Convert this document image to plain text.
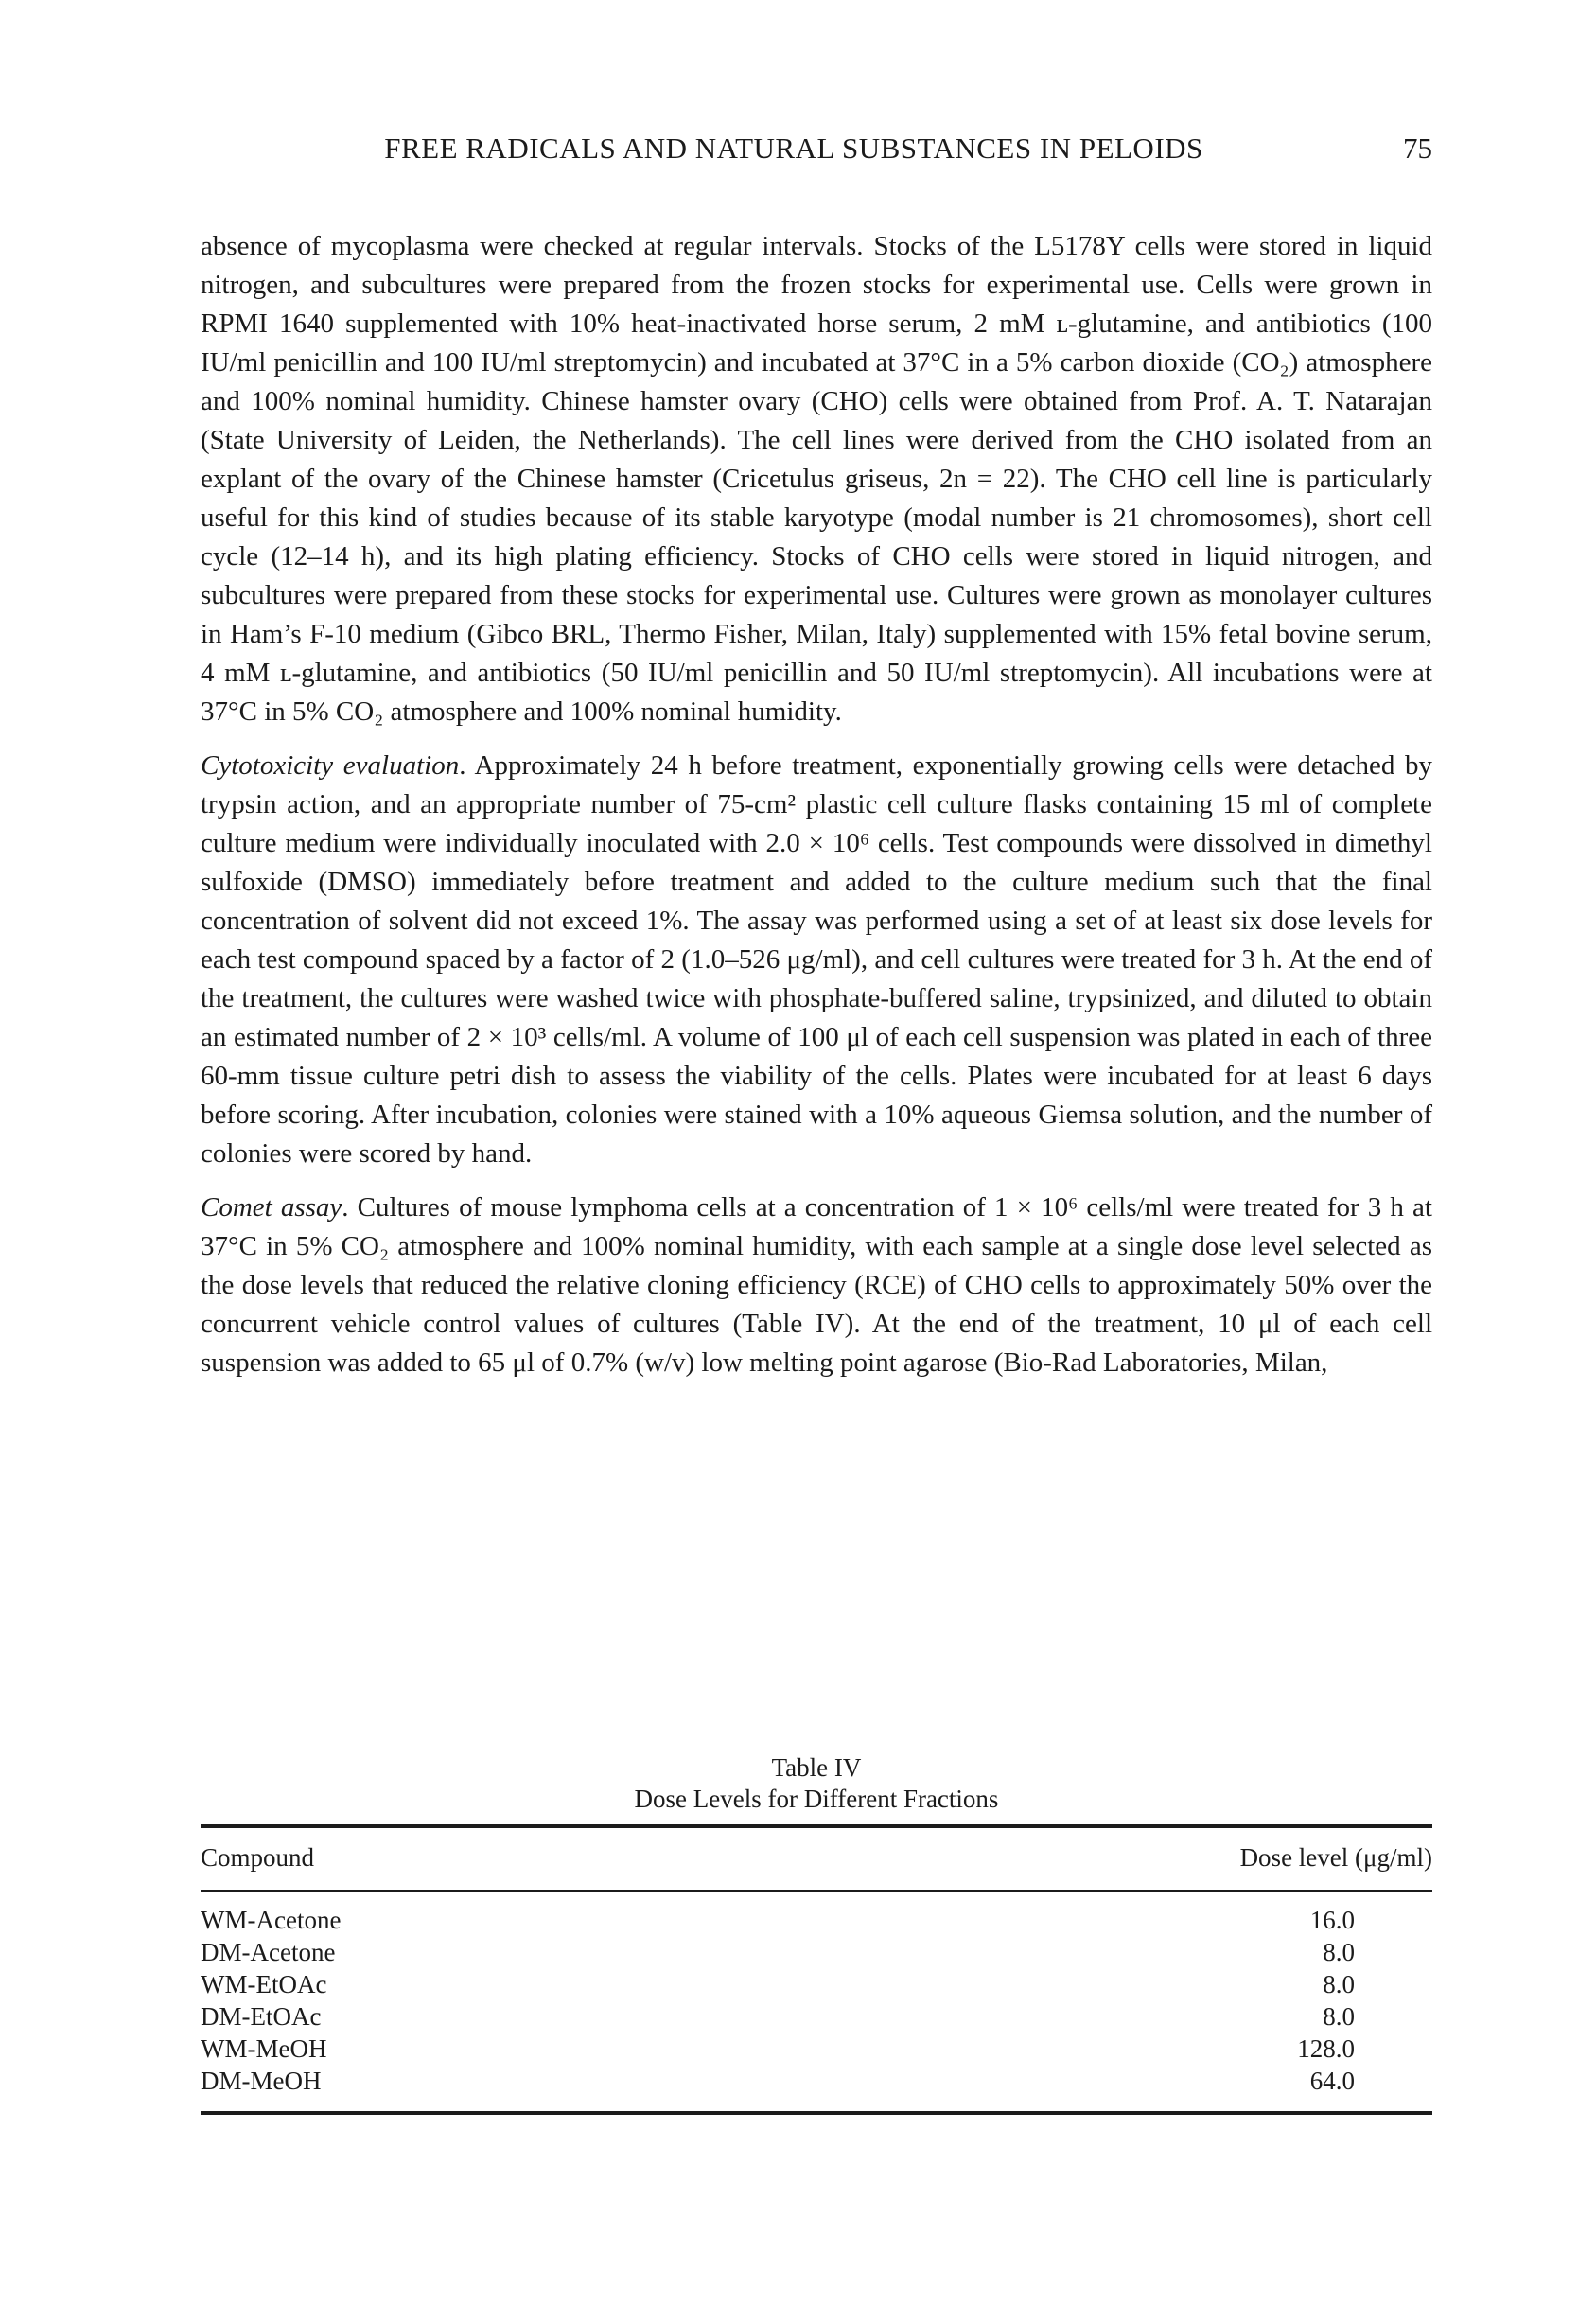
FREE RADICALS AND NATURAL SUBSTANCES IN PELOIDS	75

absence of mycoplasma were checked at regular intervals. Stocks of the L5178Y cells were stored in liquid nitrogen, and subcultures were prepared from the frozen stocks for experimental use. Cells were grown in RPMI 1640 supplemented with 10% heat-inactivated horse serum, 2 mM ʟ-glutamine, and antibiotics (100 IU/ml penicillin and 100 IU/ml streptomycin) and incubated at 37°C in a 5% carbon dioxide (CO₂) atmosphere and 100% nominal humidity. Chinese hamster ovary (CHO) cells were obtained from Prof. A. T. Natarajan (State University of Leiden, the Netherlands). The cell lines were derived from the CHO isolated from an explant of the ovary of the Chinese hamster (Cricetulus griseus, 2n = 22). The CHO cell line is particularly useful for this kind of studies because of its stable karyotype (modal number is 21 chromosomes), short cell cycle (12–14 h), and its high plating efficiency. Stocks of CHO cells were stored in liquid nitrogen, and subcultures were prepared from these stocks for experimental use. Cultures were grown as monolayer cultures in Ham’s F-10 medium (Gibco BRL, Thermo Fisher, Milan, Italy) supplemented with 15% fetal bovine serum, 4 mM ʟ-glutamine, and antibiotics (50 IU/ml penicillin and 50 IU/ml streptomycin). All incubations were at 37°C in 5% CO₂ atmosphere and 100% nominal humidity.

Cytotoxicity evaluation. Approximately 24 h before treatment, exponentially growing cells were detached by trypsin action, and an appropriate number of 75-cm² plastic cell culture flasks containing 15 ml of complete culture medium were individually inoculated with 2.0 × 10⁶ cells. Test compounds were dissolved in dimethyl sulfoxide (DMSO) immediately before treatment and added to the culture medium such that the final concentration of solvent did not exceed 1%. The assay was performed using a set of at least six dose levels for each test compound spaced by a factor of 2 (1.0–526 μg/ml), and cell cultures were treated for 3 h. At the end of the treatment, the cultures were washed twice with phosphate-buffered saline, trypsinized, and diluted to obtain an estimated number of 2 × 10³ cells/ml. A volume of 100 μl of each cell suspension was plated in each of three 60-mm tissue culture petri dish to assess the viability of the cells. Plates were incubated for at least 6 days before scoring. After incubation, colonies were stained with a 10% aqueous Giemsa solution, and the number of colonies were scored by hand.

Comet assay. Cultures of mouse lymphoma cells at a concentration of 1 × 10⁶ cells/ml were treated for 3 h at 37°C in 5% CO₂ atmosphere and 100% nominal humidity, with each sample at a single dose level selected as the dose levels that reduced the relative cloning efficiency (RCE) of CHO cells to approximately 50% over the concurrent vehicle control values of cultures (Table IV). At the end of the treatment, 10 μl of each cell suspension was added to 65 μl of 0.7% (w/v) low melting point agarose (Bio-Rad Laboratories, Milan,

Table IV
Dose Levels for Different Fractions
Compound	Dose level (μg/ml)
WM-Acetone	16.0
DM-Acetone	8.0
WM-EtOAc	8.0
DM-EtOAc	8.0
WM-MeOH	128.0
DM-MeOH	64.0
